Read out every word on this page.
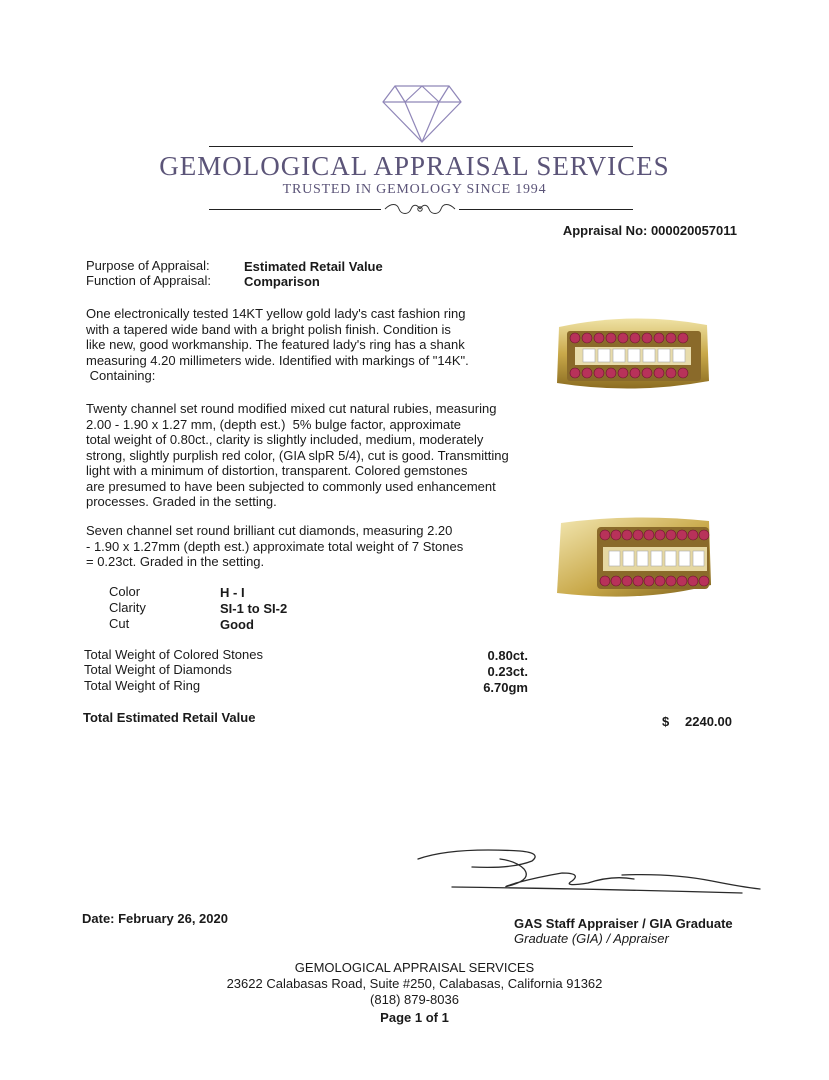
GEMOLOGICAL APPRAISAL SERVICES
TRUSTED IN GEMOLOGY SINCE 1994
Appraisal No: 000020057011
Purpose of Appraisal:	Estimated Retail Value
Function of Appraisal:	Comparison
One electronically tested 14KT yellow gold lady's cast fashion ring
with a tapered wide band with a bright polish finish. Condition is
like new, good workmanship. The featured lady's ring has a shank
measuring 4.20 millimeters wide. Identified with markings of "14K".
Containing:
Twenty channel set round modified mixed cut natural rubies, measuring
2.00 - 1.90 x 1.27 mm, (depth est.)  5% bulge factor, approximate
total weight of 0.80ct., clarity is slightly included, medium, moderately
strong, slightly purplish red color, (GIA slpR 5/4), cut is good. Transmitting
light with a minimum of distortion, transparent. Colored gemstones
are presumed to have been subjected to commonly used enhancement
processes. Graded in the setting.
Seven channel set round brilliant cut diamonds, measuring 2.20
- 1.90 x 1.27mm (depth est.) approximate total weight of 7 Stones
= 0.23ct. Graded in the setting.
Color	H - I
Clarity	SI-1 to SI-2
Cut	Good
Total Weight of Colored Stones	0.80ct.
Total Weight of Diamonds	0.23ct.
Total Weight of Ring	6.70gm
Total Estimated Retail Value	$ 2240.00
Date: February 26, 2020	GAS Staff Appraiser / GIA Graduate
Graduate (GIA) / Appraiser
GEMOLOGICAL APPRAISAL SERVICES
23622 Calabasas Road, Suite #250, Calabasas, California 91362
(818) 879-8036
Page 1 of 1
